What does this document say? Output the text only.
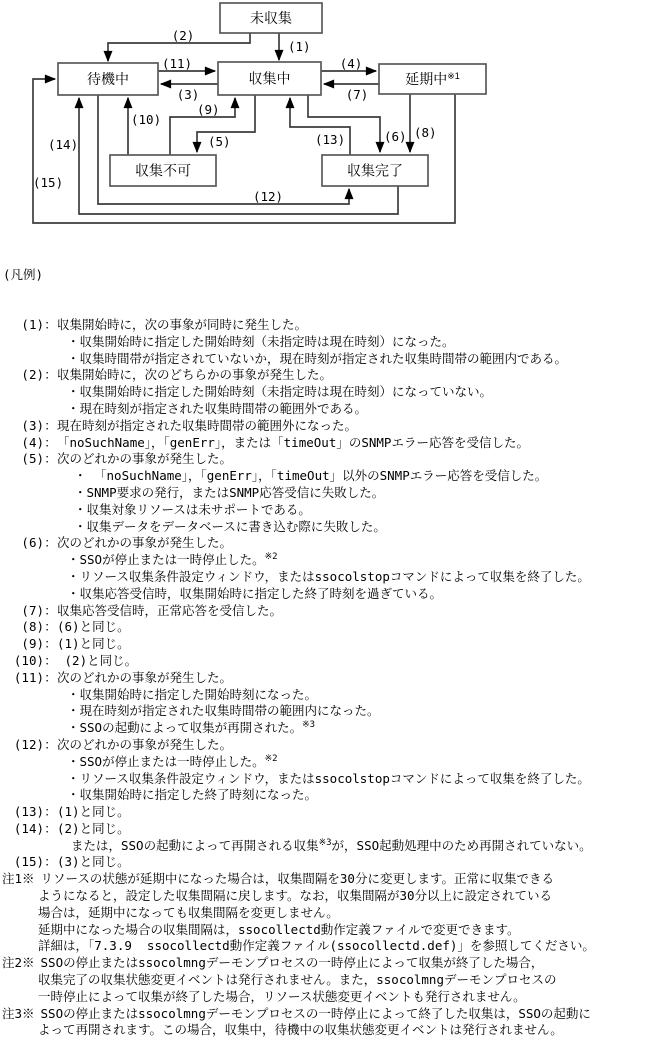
未収集
待機中	収集中	延期中$^{※1}$
収集不可	収集完了
(1)
(2)
(11)
(3)
(4)
(7)
(10)
(9)
(5)	(13)	(6) (8)
(12)
(14)
(15)

(凡例)

(1) ： 収集開始時に，次の事象が同時に発生した。
・収集開始時に指定した開始時刻（未指定時は現在時刻）になった。
・収集時間帯が指定されていないか，現在時刻が指定された収集時間帯の範囲内である。
(2) ： 収集開始時に，次のどちらかの事象が発生した。
・収集開始時に指定した開始時刻（未指定時は現在時刻）になっていない。
・現在時刻が指定された収集時間帯の範囲外である。
(3) ： 現在時刻が指定された収集時間帯の範囲外になった。
(4) ： 「noSuchName」，「genErr」，または「timeOut」のSNMPエラー応答を受信した。
(5) ： 次のどれかの事象が発生した。
・ 「noSuchName」，「genErr」，「timeOut」以外のSNMPエラー応答を受信した。
・SNMP要求の発行，またはSNMP応答受信に失敗した。
・収集対象リソースは未サポートである。
・収集データをデータベースに書き込む際に失敗した。
(6) ： 次のどれかの事象が発生した。
・SSOが停止または一時停止した。$^{※2}$
・リソース収集条件設定ウィンドウ，またはssocolstopコマンドによって収集を終了した。
・収集応答受信時，収集開始時に指定した終了時刻を過ぎている。
(7) ： 収集応答受信時，正常応答を受信した。
(8) ： (6)と同じ。
(9) ： (1)と同じ。
(10) ： (2)と同じ。
(11) ： 次のどれかの事象が発生した。
・収集開始時に指定した開始時刻になった。
・現在時刻が指定された収集時間帯の範囲内になった。
・SSOの起動によって収集が再開された。$^{※3}$
(12) ： 次のどれかの事象が発生した。
・SSOが停止または一時停止した。$^{※2}$
・リソース収集条件設定ウィンドウ，またはssocolstopコマンドによって収集を終了した。
・収集開始時に指定した終了時刻になった。
(13) ： (1)と同じ。
(14) ： (2)と同じ。
または，SSOの起動によって再開される収集$^{※3}$が，SSO起動処理中のため再開されていない。
(15) ： (3)と同じ。
注1※ リソースの状態が延期中になった場合は，収集間隔を30分に変更します。正常に収集できる
ようになると，設定した収集間隔に戻します。なお，収集間隔が30分以上に設定されている
場合は，延期中になっても収集間隔を変更しません。
延期中になった場合の収集間隔は，ssocollectd動作定義ファイルで変更できます。
詳細は，「7.3.9  ssocollectd動作定義ファイル(ssocollectd.def)」を参照してください。
注2※ SSOの停止またはssocolmngデーモンプロセスの一時停止によって収集が終了した場合，
収集完了の収集状態変更イベントは発行されません。また，ssocolmngデーモンプロセスの
一時停止によって収集が終了した場合，リソース状態変更イベントも発行されません。
注3※ SSOの停止またはssocolmngデーモンプロセスの一時停止によって終了した収集は，SSOの起動に
よって再開されます。この場合，収集中，待機中の収集状態変更イベントは発行されません。
